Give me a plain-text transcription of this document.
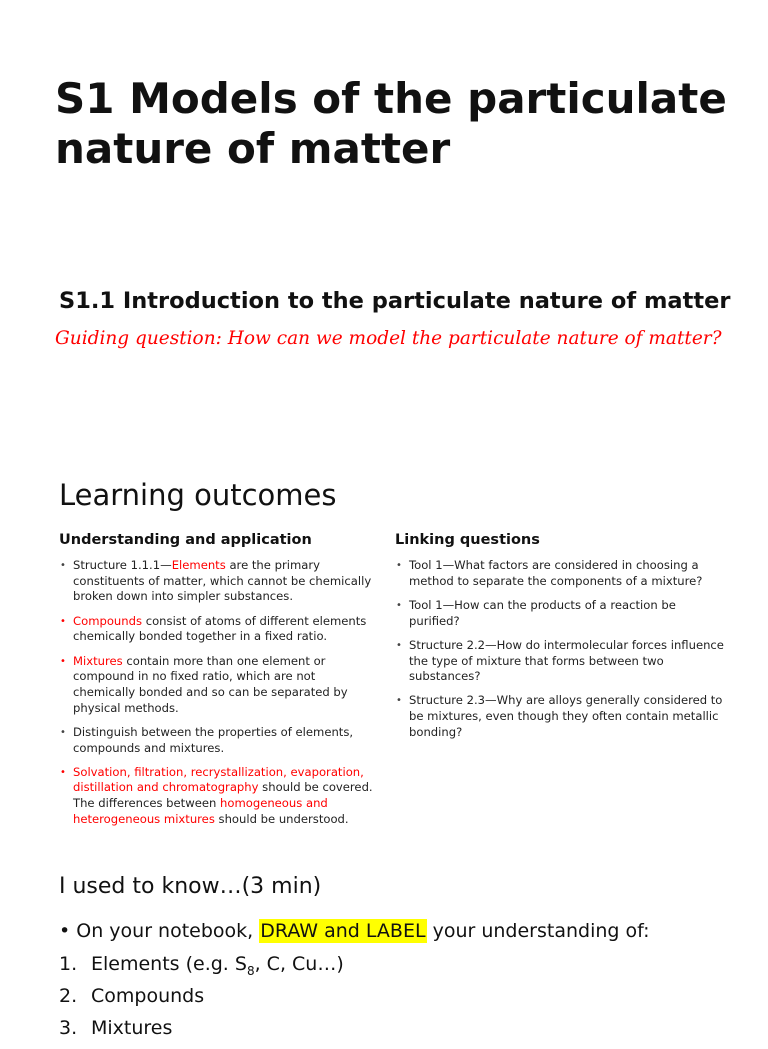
S1 Models of the particulate
nature of matter
S1.1 Introduction to the particulate nature of matter
Guiding question: How can we model the particulate nature of matter?
Learning outcomes
Understanding and application
• Structure 1.1.1—Elements are the primary constituents of matter, which cannot be chemically broken down into simpler substances.
• Compounds consist of atoms of different elements chemically bonded together in a fixed ratio.
• Mixtures contain more than one element or compound in no fixed ratio, which are not chemically bonded and so can be separated by physical methods.
• Distinguish between the properties of elements, compounds and mixtures.
• Solvation, filtration, recrystallization, evaporation, distillation and chromatography should be covered. The differences between homogeneous and heterogeneous mixtures should be understood.
Linking questions
• Tool 1—What factors are considered in choosing a method to separate the components of a mixture?
• Tool 1—How can the products of a reaction be purified?
• Structure 2.2—How do intermolecular forces influence the type of mixture that forms between two substances?
• Structure 2.3—Why are alloys generally considered to be mixtures, even though they often contain metallic bonding?
I used to know…(3 min)
• On your notebook, DRAW and LABEL your understanding of:
1. Elements (e.g. $S_8$, C, Cu…)
2. Compounds
3. Mixtures
